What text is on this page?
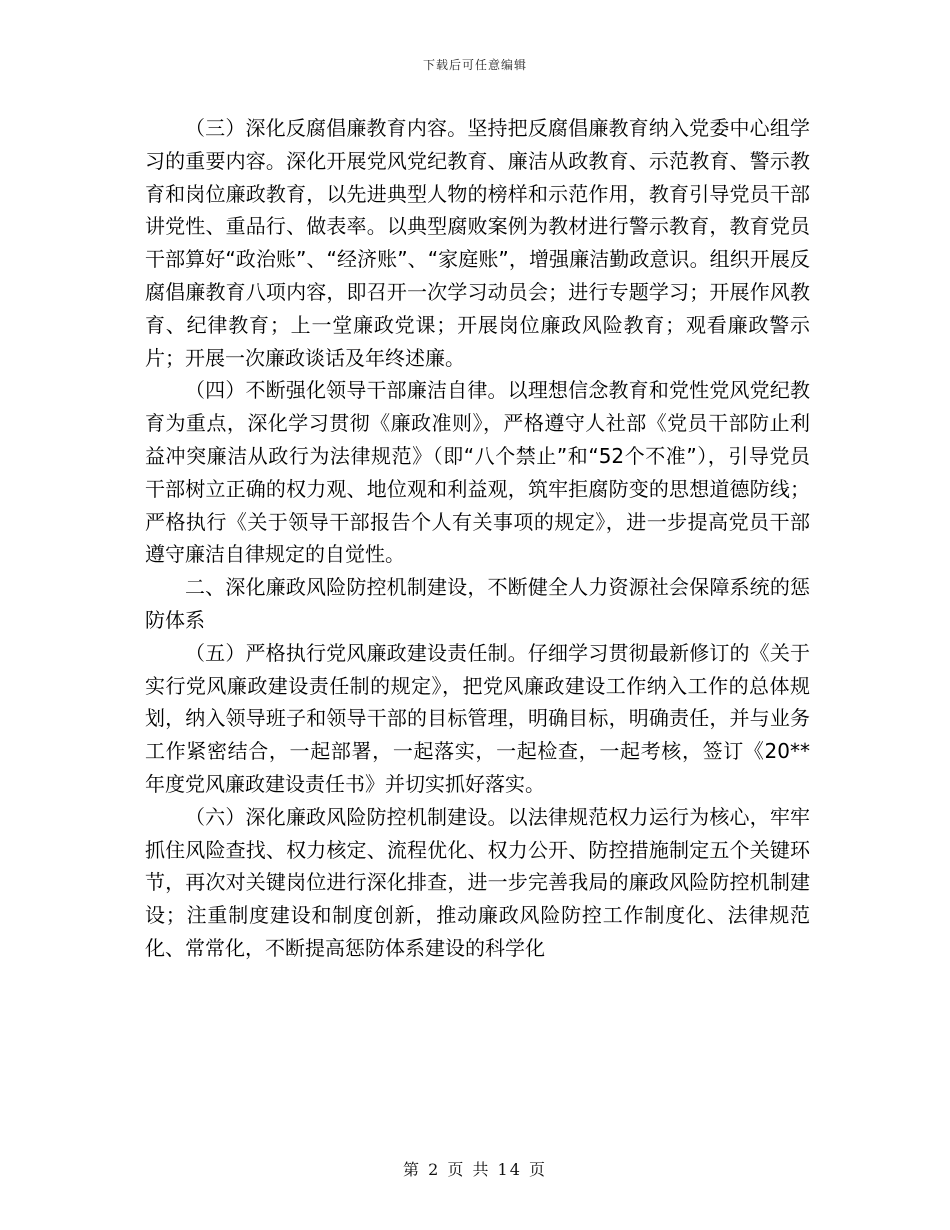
下载后可任意编辑

（三）深化反腐倡廉教育内容。坚持把反腐倡廉教育纳入党委中心组学习的重要内容。深化开展党风党纪教育、廉洁从政教育、示范教育、警示教育和岗位廉政教育，以先进典型人物的榜样和示范作用，教育引导党员干部讲党性、重品行、做表率。以典型腐败案例为教材进行警示教育，教育党员干部算好“政治账”、“经济账”、“家庭账”，增强廉洁勤政意识。组织开展反腐倡廉教育八项内容，即召开一次学习动员会；进行专题学习；开展作风教育、纪律教育；上一堂廉政党课；开展岗位廉政风险教育；观看廉政警示片；开展一次廉政谈话及年终述廉。

（四）不断强化领导干部廉洁自律。以理想信念教育和党性党风党纪教育为重点，深化学习贯彻《廉政准则》，严格遵守人社部《党员干部防止利益冲突廉洁从政行为法律规范》（即“八个禁止”和“52个不准”），引导党员干部树立正确的权力观、地位观和利益观，筑牢拒腐防变的思想道德防线；严格执行《关于领导干部报告个人有关事项的规定》，进一步提高党员干部遵守廉洁自律规定的自觉性。

二、深化廉政风险防控机制建设，不断健全人力资源社会保障系统的惩防体系

（五）严格执行党风廉政建设责任制。仔细学习贯彻最新修订的《关于实行党风廉政建设责任制的规定》，把党风廉政建设工作纳入工作的总体规划，纳入领导班子和领导干部的目标管理，明确目标，明确责任，并与业务工作紧密结合，一起部署，一起落实，一起检查，一起考核，签订《20**年度党风廉政建设责任书》并切实抓好落实。

（六）深化廉政风险防控机制建设。以法律规范权力运行为核心，牢牢抓住风险查找、权力核定、流程优化、权力公开、防控措施制定五个关键环节，再次对关键岗位进行深化排查，进一步完善我局的廉政风险防控机制建设；注重制度建设和制度创新，推动廉政风险防控工作制度化、法律规范化、常常化，不断提高惩防体系建设的科学化

第 2 页 共 14 页
